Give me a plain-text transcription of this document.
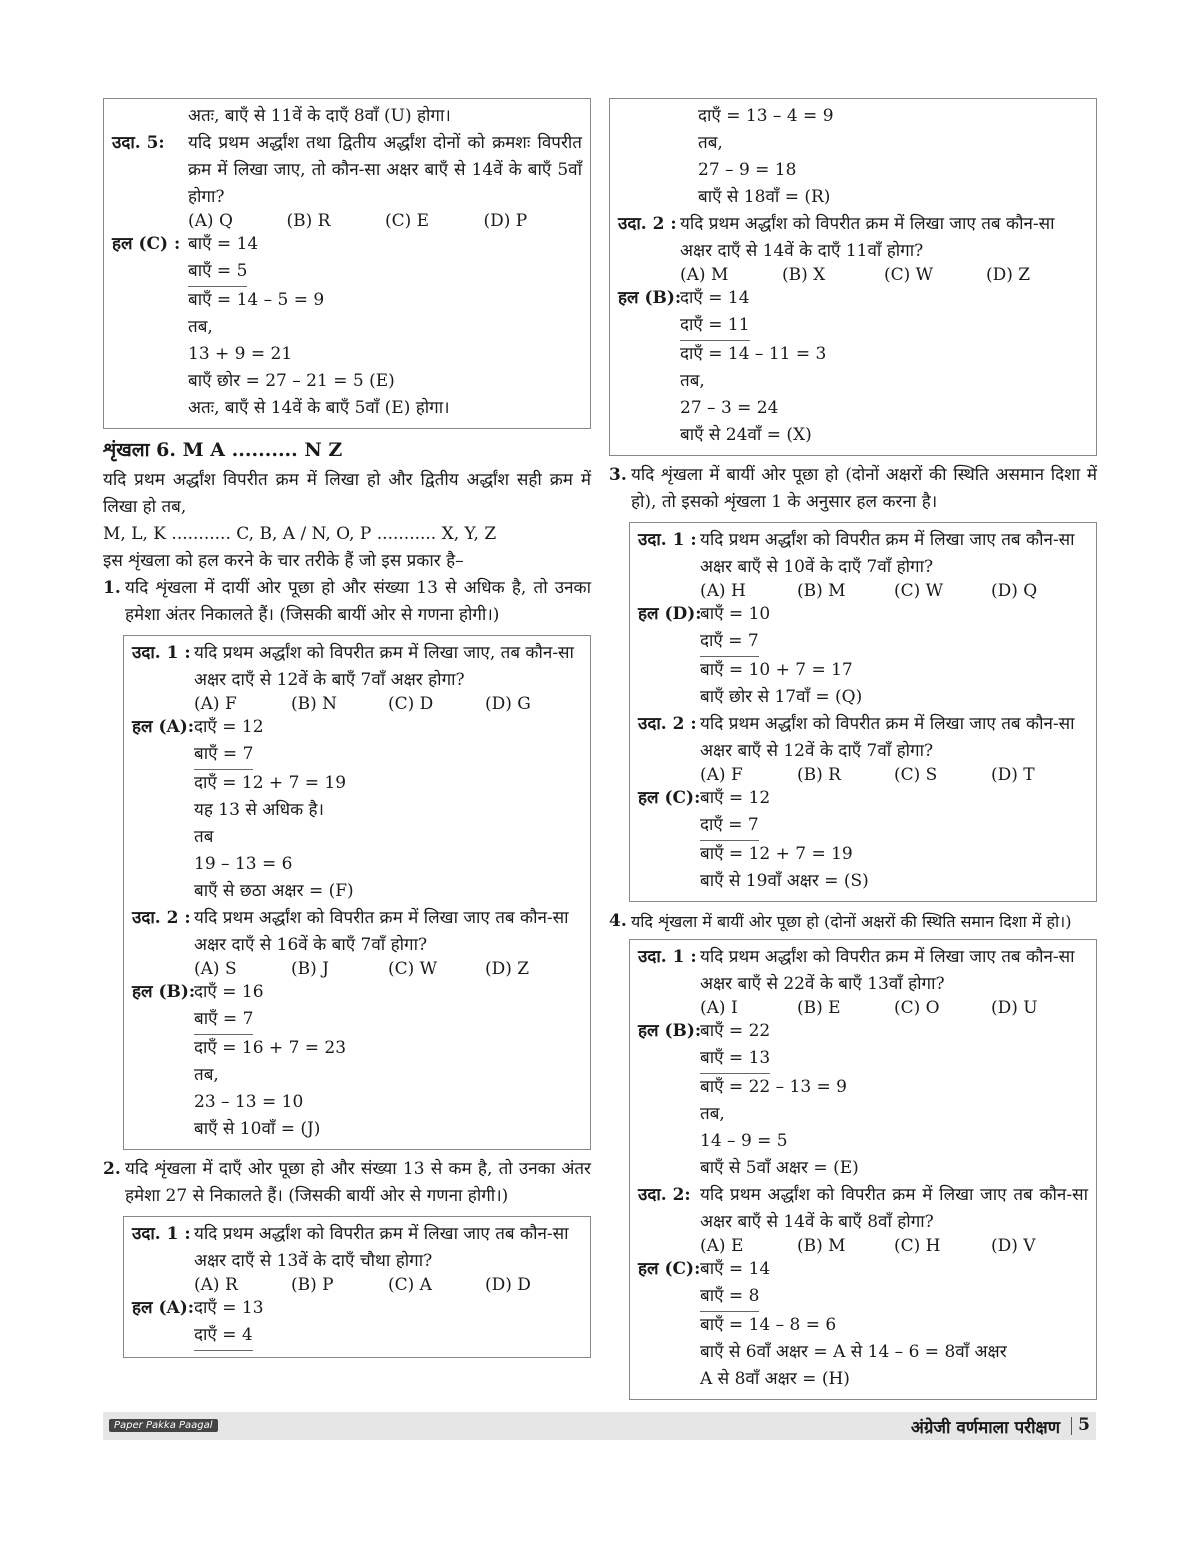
अतः, बाएँ से 11वें के दाएँ 8वाँ (U) होगा।
उदा. 5:	यदि प्रथम अर्द्धांश तथा द्वितीय अर्द्धांश दोनों को क्रमशः विपरीत क्रम में लिखा जाए, तो कौन-सा अक्षर बाएँ से 14वें के बाएँ 5वाँ होगा?
(A) Q	(B) R	(C) E	(D) P
हल (C) : बाएँ = 14
बाएँ = 5
बाएँ = 14 – 5 = 9
तब,
13 + 9 = 21
बाएँ छोर = 27 – 21 = 5 (E)
अतः, बाएँ से 14वें के बाएँ 5वाँ (E) होगा।
शृंखला 6. M A .......... N Z
यदि प्रथम अर्द्धांश विपरीत क्रम में लिखा हो और द्वितीय अर्द्धांश सही क्रम में लिखा हो तब,
M, L, K ........... C, B, A / N, O, P ........... X, Y, Z
इस शृंखला को हल करने के चार तरीके हैं जो इस प्रकार है–
1. यदि शृंखला में दायीं ओर पूछा हो और संख्या 13 से अधिक है, तो उनका हमेशा अंतर निकालते हैं। (जिसकी बायीं ओर से गणना होगी।)
उदा. 1 : यदि प्रथम अर्द्धांश को विपरीत क्रम में लिखा जाए, तब कौन-सा अक्षर दाएँ से 12वें के बाएँ 7वाँ अक्षर होगा?
(A) F	(B) N	(C) D	(D) G
हल (A): दाएँ = 12
बाएँ = 7
दाएँ = 12 + 7 = 19
यह 13 से अधिक है।
तब
19 – 13 = 6
बाएँ से छठा अक्षर = (F)
उदा. 2 : यदि प्रथम अर्द्धांश को विपरीत क्रम में लिखा जाए तब कौन-सा अक्षर दाएँ से 16वें के बाएँ 7वाँ होगा?
(A) S	(B) J	(C) W	(D) Z
हल (B):
दाएँ = 16
बाएँ = 7
दाएँ = 16 + 7 = 23
तब,
23 – 13 = 10
बाएँ से 10वाँ = (J)
2. यदि शृंखला में दाएँ ओर पूछा हो और संख्या 13 से कम है, तो उनका अंतर हमेशा 27 से निकालते हैं। (जिसकी बायीं ओर से गणना होगी।)
उदा. 1 : यदि प्रथम अर्द्धांश को विपरीत क्रम में लिखा जाए तब कौन-सा अक्षर दाएँ से 13वें के दाएँ चौथा होगा?
(A) R	(B) P	(C) A	(D) D
हल (A): दाएँ = 13
दाएँ = 4
दाएँ = 13 – 4 = 9
तब,
27 – 9 = 18
बाएँ से 18वाँ = (R)
उदा. 2 : यदि प्रथम अर्द्धांश को विपरीत क्रम में लिखा जाए तब कौन-सा अक्षर दाएँ से 14वें के दाएँ 11वाँ होगा?
(A) M	(B) X	(C) W	(D) Z
हल (B):
दाएँ = 14
दाएँ = 11
दाएँ = 14 – 11 = 3
तब,
27 – 3 = 24
बाएँ से 24वाँ = (X)
3. यदि शृंखला में बायीं ओर पूछा हो (दोनों अक्षरों की स्थिति असमान दिशा में हो), तो इसको शृंखला 1 के अनुसार हल करना है।
उदा. 1 : यदि प्रथम अर्द्धांश को विपरीत क्रम में लिखा जाए तब कौन-सा अक्षर बाएँ से 10वें के दाएँ 7वाँ होगा?
(A) H	(B) M	(C) W	(D) Q
हल (D):
बाएँ = 10
दाएँ = 7
बाएँ = 10 + 7 = 17
बाएँ छोर से 17वाँ = (Q)
उदा. 2 : यदि प्रथम अर्द्धांश को विपरीत क्रम में लिखा जाए तब कौन-सा अक्षर बाएँ से 12वें के दाएँ 7वाँ होगा?
(A) F	(B) R	(C) S	(D) T
हल (C): बाएँ = 12
दाएँ = 7
बाएँ = 12 + 7 = 19
बाएँ से 19वाँ अक्षर = (S)
4. यदि शृंखला में बायीं ओर पूछा हो (दोनों अक्षरों की स्थिति समान दिशा में हो।)
उदा. 1 : यदि प्रथम अर्द्धांश को विपरीत क्रम में लिखा जाए तब कौन-सा अक्षर बाएँ से 22वें के बाएँ 13वाँ होगा?
(A) I	(B) E	(C) O	(D) U
हल (B):
बाएँ = 22
बाएँ = 13
बाएँ = 22 – 13 = 9
तब,
14 – 9 = 5
बाएँ से 5वाँ अक्षर = (E)
उदा. 2: यदि प्रथम अर्द्धांश को विपरीत क्रम में लिखा जाए तब कौन-सा अक्षर बाएँ से 14वें के बाएँ 8वाँ होगा?
(A) E	(B) M	(C) H	(D) V
हल (C): बाएँ = 14
बाएँ = 8
बाएँ = 14 – 8 = 6
बाएँ से 6वाँ अक्षर = A से 14 – 6 = 8वाँ अक्षर
A से 8वाँ अक्षर = (H)
Paper Pakka Paagal	अंग्रेजी वर्णमाला परीक्षण 5
